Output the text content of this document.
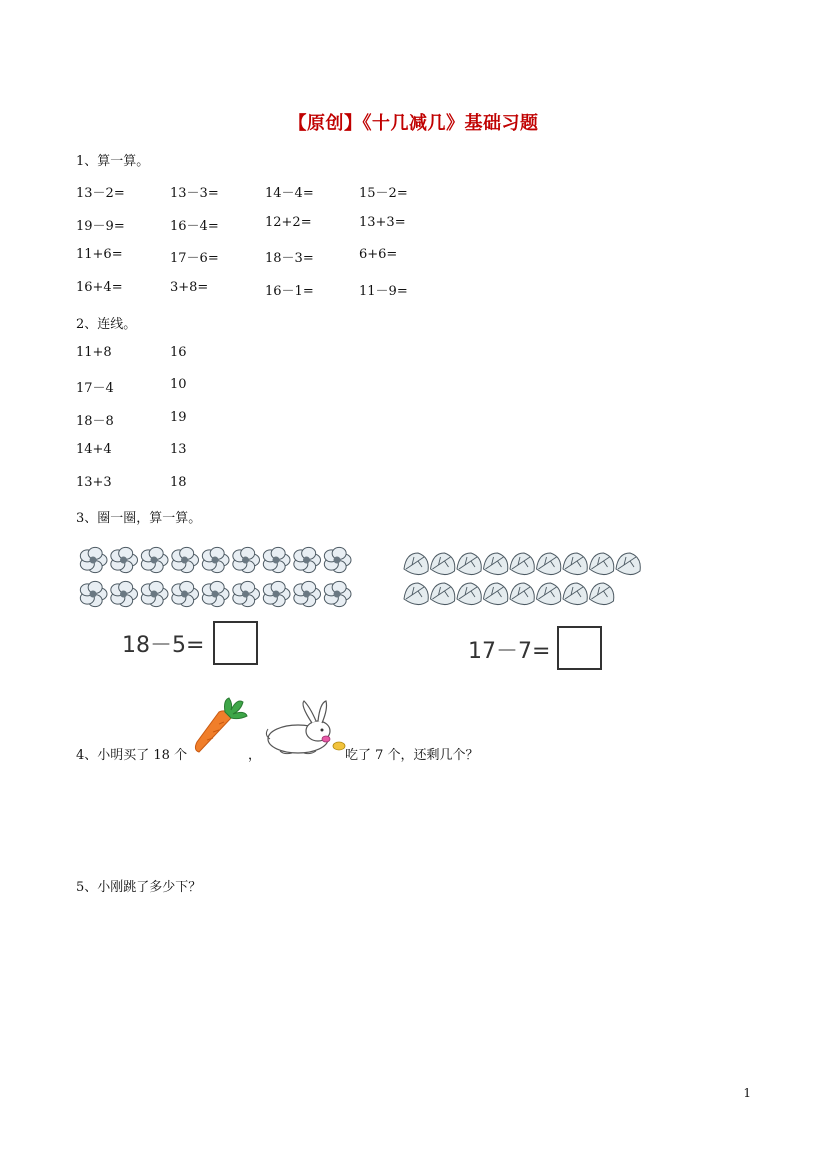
【原创】《十几减几》基础习题
1、算一算。
13－2=	13－3=	14－4=	15－2=
19－9=	16－4=	12+2=	13+3=
11+6=	17－6=	18－3=	6+6=
16+4=	3+8=	16－1=	11－9=
2、连线。
11+8	16
17－4	10
18－8	19
14+4	13
13+3	18
3、圈一圈，算一算。
18－5=	17－7=
4、小明买了 18 个	，	吃了 7 个，还剩几个？
5、小刚跳了多少下？
1
